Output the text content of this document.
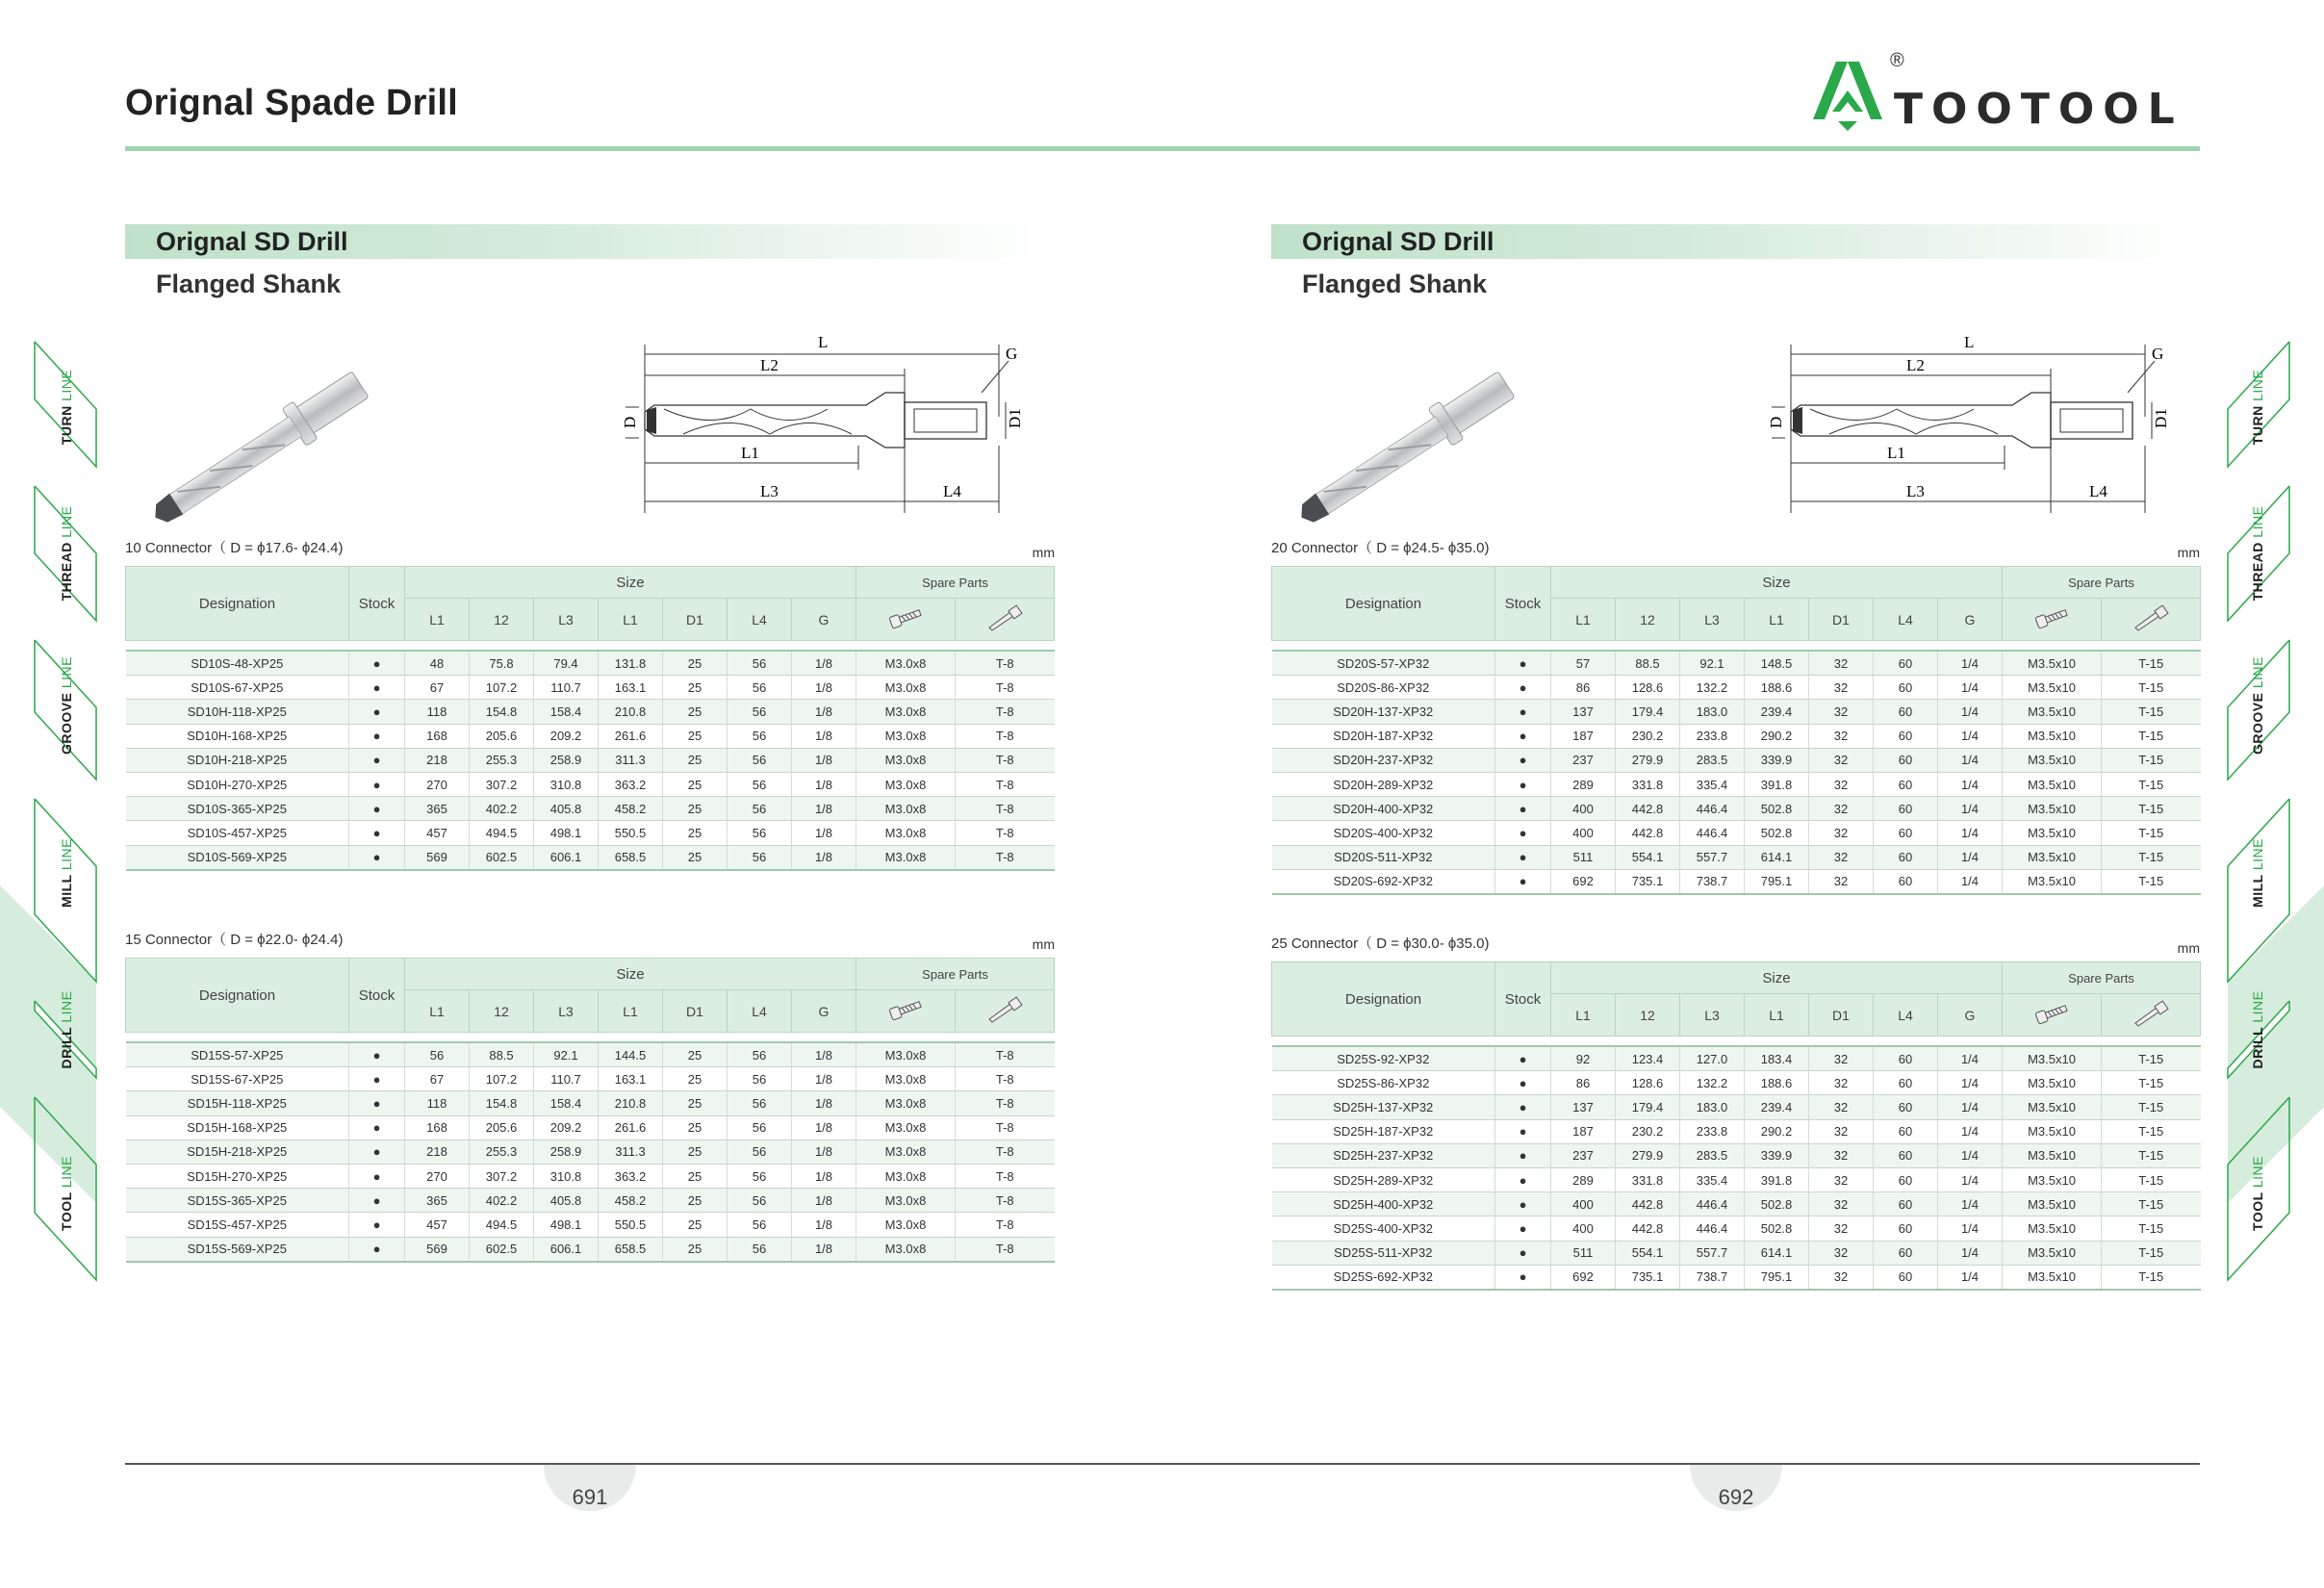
Orignal Spade Drill
®
TOOTOOL
TURN LINE
THREAD LINE
GROOVE LINE
MILL LINE
DRILL LINE
TOOL LINE
TURN LINE
THREAD LINE
GROOVE LINE
MILL LINE
DRILL LINE
TOOL LINE
Orignal SD Drill
Flanged Shank
L
L2
L1
L3	L4
D	D1
G
10 Connector（ D = ϕ17.6- ϕ24.4)	mm
Designation	Stock	Size							Spare Parts	
		L1	12	L3	L1	D1	L4	G		

SD10S-48-XP25	●	48	75.8	79.4	131.8	25	56	1/8	M3.0x8	T-8
SD10S-67-XP25	●	67	107.2	110.7	163.1	25	56	1/8	M3.0x8	T-8
SD10H-118-XP25	●	118	154.8	158.4	210.8	25	56	1/8	M3.0x8	T-8
SD10H-168-XP25	●	168	205.6	209.2	261.6	25	56	1/8	M3.0x8	T-8
SD10H-218-XP25	●	218	255.3	258.9	311.3	25	56	1/8	M3.0x8	T-8
SD10H-270-XP25	●	270	307.2	310.8	363.2	25	56	1/8	M3.0x8	T-8
SD10S-365-XP25	●	365	402.2	405.8	458.2	25	56	1/8	M3.0x8	T-8
SD10S-457-XP25	●	457	494.5	498.1	550.5	25	56	1/8	M3.0x8	T-8
SD10S-569-XP25	●	569	602.5	606.1	658.5	25	56	1/8	M3.0x8	T-8
15 Connector（ D = ϕ22.0- ϕ24.4)	mm
Designation	Stock	Size							Spare Parts	
		L1	12	L3	L1	D1	L4	G		

SD15S-57-XP25	●	56	88.5	92.1	144.5	25	56	1/8	M3.0x8	T-8
SD15S-67-XP25	●	67	107.2	110.7	163.1	25	56	1/8	M3.0x8	T-8
SD15H-118-XP25	●	118	154.8	158.4	210.8	25	56	1/8	M3.0x8	T-8
SD15H-168-XP25	●	168	205.6	209.2	261.6	25	56	1/8	M3.0x8	T-8
SD15H-218-XP25	●	218	255.3	258.9	311.3	25	56	1/8	M3.0x8	T-8
SD15H-270-XP25	●	270	307.2	310.8	363.2	25	56	1/8	M3.0x8	T-8
SD15S-365-XP25	●	365	402.2	405.8	458.2	25	56	1/8	M3.0x8	T-8
SD15S-457-XP25	●	457	494.5	498.1	550.5	25	56	1/8	M3.0x8	T-8
SD15S-569-XP25	●	569	602.5	606.1	658.5	25	56	1/8	M3.0x8	T-8
Orignal SD Drill
Flanged Shank
L
L2
L1
L3	L4
D	D1
G
20 Connector（ D = ϕ24.5- ϕ35.0)	mm
Designation	Stock	Size							Spare Parts	
		L1	12	L3	L1	D1	L4	G		

SD20S-57-XP32	●	57	88.5	92.1	148.5	32	60	1/4	M3.5x10	T-15
SD20S-86-XP32	●	86	128.6	132.2	188.6	32	60	1/4	M3.5x10	T-15
SD20H-137-XP32	●	137	179.4	183.0	239.4	32	60	1/4	M3.5x10	T-15
SD20H-187-XP32	●	187	230.2	233.8	290.2	32	60	1/4	M3.5x10	T-15
SD20H-237-XP32	●	237	279.9	283.5	339.9	32	60	1/4	M3.5x10	T-15
SD20H-289-XP32	●	289	331.8	335.4	391.8	32	60	1/4	M3.5x10	T-15
SD20H-400-XP32	●	400	442.8	446.4	502.8	32	60	1/4	M3.5x10	T-15
SD20S-400-XP32	●	400	442.8	446.4	502.8	32	60	1/4	M3.5x10	T-15
SD20S-511-XP32	●	511	554.1	557.7	614.1	32	60	1/4	M3.5x10	T-15
SD20S-692-XP32	●	692	735.1	738.7	795.1	32	60	1/4	M3.5x10	T-15
25 Connector（ D = ϕ30.0- ϕ35.0)	mm
Designation	Stock	Size							Spare Parts	
		L1	12	L3	L1	D1	L4	G		

SD25S-92-XP32	●	92	123.4	127.0	183.4	32	60	1/4	M3.5x10	T-15
SD25S-86-XP32	●	86	128.6	132.2	188.6	32	60	1/4	M3.5x10	T-15
SD25H-137-XP32	●	137	179.4	183.0	239.4	32	60	1/4	M3.5x10	T-15
SD25H-187-XP32	●	187	230.2	233.8	290.2	32	60	1/4	M3.5x10	T-15
SD25H-237-XP32	●	237	279.9	283.5	339.9	32	60	1/4	M3.5x10	T-15
SD25H-289-XP32	●	289	331.8	335.4	391.8	32	60	1/4	M3.5x10	T-15
SD25H-400-XP32	●	400	442.8	446.4	502.8	32	60	1/4	M3.5x10	T-15
SD25S-400-XP32	●	400	442.8	446.4	502.8	32	60	1/4	M3.5x10	T-15
SD25S-511-XP32	●	511	554.1	557.7	614.1	32	60	1/4	M3.5x10	T-15
SD25S-692-XP32	●	692	735.1	738.7	795.1	32	60	1/4	M3.5x10	T-15
691	692
